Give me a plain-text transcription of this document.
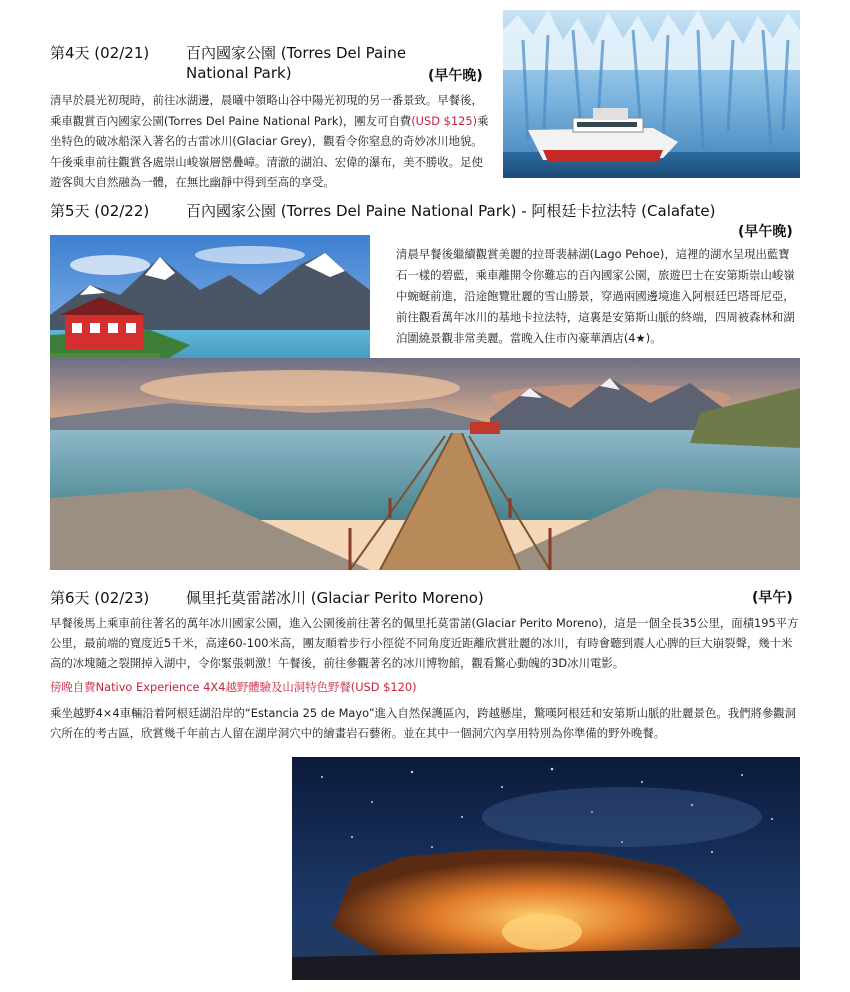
第4天 (02/21) 百內國家公園 (Torres Del Paine
National Park)	(早午晚)
清早於晨光初現時，前往冰湖邊，晨曦中領略山谷中陽光初現的另一番景致。早餐後，乘車觀賞百內國家公園(Torres Del Paine National Park)，團友可自費(USD $125)乘坐特色的破冰船深入著名的古雷冰川(Glaciar Grey)，觀看令你窒息的奇妙冰川地貌。午後乘車前往觀賞各處崇山峻嶺層巒疊嶂。清澈的湖泊、宏偉的瀑布，美不勝收。足使遊客與大自然融為一體，在無比幽靜中得到至高的享受。
第5天 (02/22) 百內國家公園 (Torres Del Paine National Park) - 阿根廷卡拉法特 (Calafate)
(早午晚)
清晨早餐後繼續觀賞美麗的拉哥裴赫湖(Lago Pehoe)，這裡的湖水呈現出藍寶石一樣的碧藍，乘車離開令你難忘的百內國家公園，旅遊巴士在安第斯崇山峻嶺中蜿蜒前進，沿途飽覽壯麗的雪山勝景，穿過兩國邊境進入阿根廷巴塔哥尼亞，前往觀看萬年冰川的基地卡拉法特，這裏是安第斯山脈的終端，四周被森林和湖泊圍繞景觀非常美麗。當晚入住市內豪華酒店(4★)。
第6天 (02/23) 佩里托莫雷諾冰川 (Glaciar Perito Moreno)	(早午)
早餐後馬上乘車前往著名的萬年冰川國家公園，進入公園後前往著名的佩里托莫雷諾(Glaciar Perito Moreno)，這是一個全長35公里，面積195平方公里，最前端的寬度近5千米，高達60-100米高，團友順着步行小徑從不同角度近距離欣賞壯麗的冰川，有時會聽到震人心脾的巨大崩裂聲，幾十米高的冰塊隨之裂開掉入湖中，令你緊張刺激！午餐後，前往參觀著名的冰川博物館，觀看驚心動魄的3D冰川電影。
傍晚自費Nativo Experience 4X4越野體驗及山洞特色野餐(USD $120)
乘坐越野4×4車輛沿着阿根廷湖沿岸的“Estancia 25 de Mayo”進入自然保護區內，跨越懸崖，驚嘆阿根廷和安第斯山脈的壯麗景色。我們將參觀洞穴所在的考古區，欣賞幾千年前古人留在湖岸洞穴中的繪畫岩石藝術。並在其中一個洞穴內享用特別為你準備的野外晚餐。
